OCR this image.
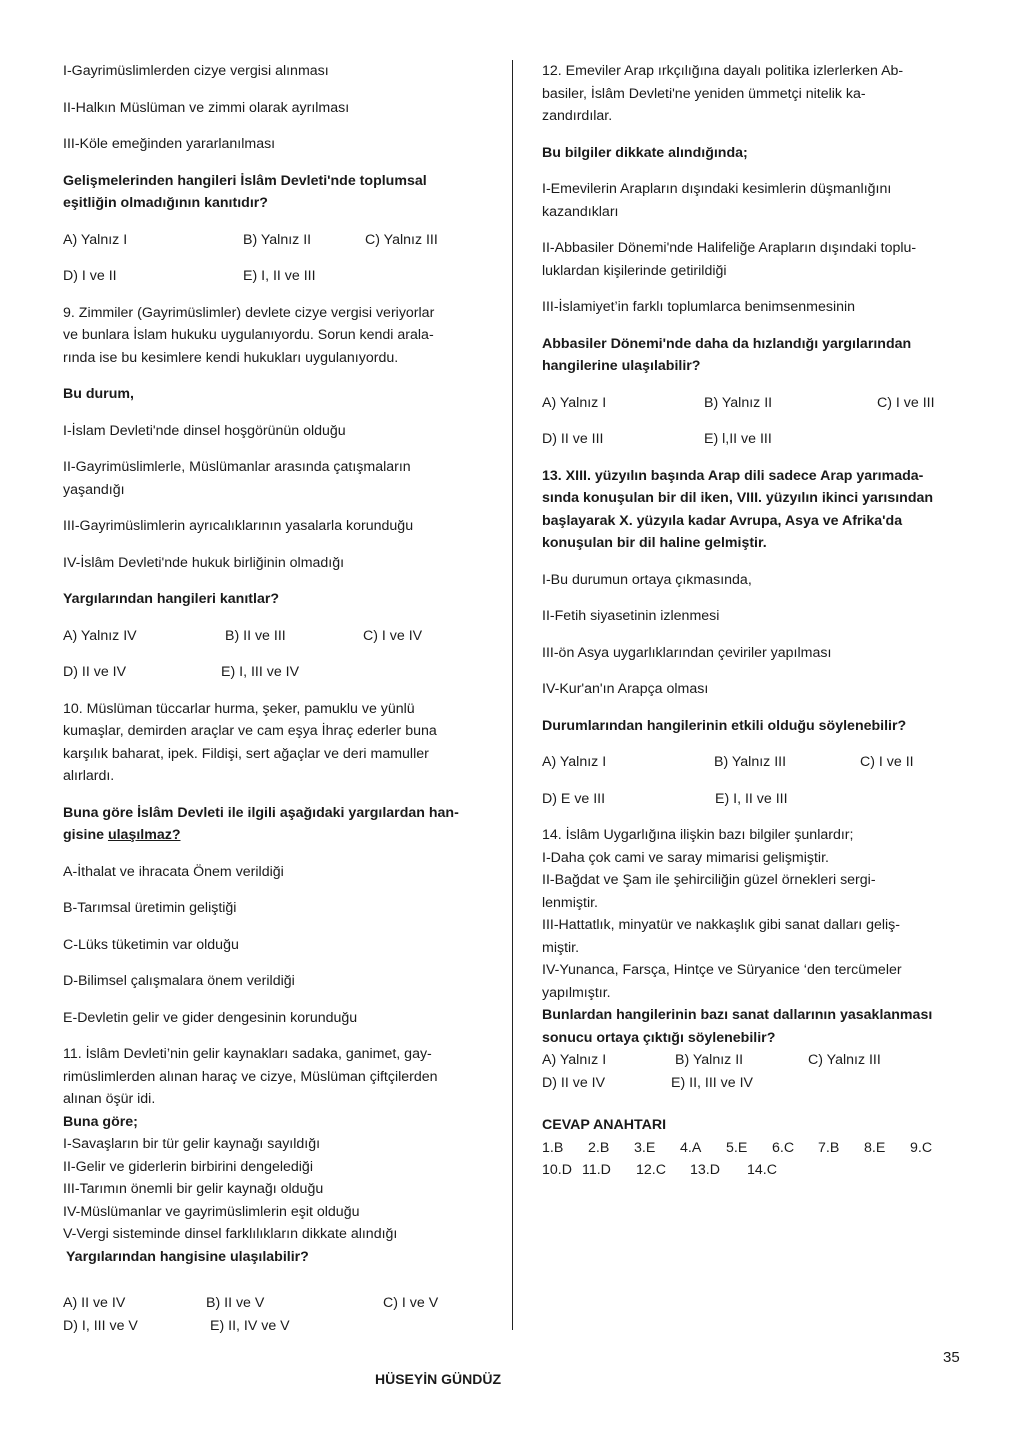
I-Gayrimüslimlerden cizye vergisi alınması

II-Halkın Müslüman ve zimmi olarak ayrılması

III-Köle emeğinden yararlanılması

Gelişmelerinden hangileri İslâm Devleti'nde toplumsal

eşitliğin olmadığının kanıtıdır?

A) Yalnız I	B) Yalnız II	C) Yalnız III
D) I ve II	E) I, II ve III

9. Zimmiler (Gayrimüslimler) devlete cizye vergisi veriyorlar

ve bunlara İslam hukuku uygulanıyordu. Sorun kendi arala-

rında ise bu kesimlere kendi hukukları uygulanıyordu.

Bu durum,

I-İslam Devleti'nde dinsel hoşgörünün olduğu

II-Gayrimüslimlerle, Müslümanlar arasında çatışmaların

yaşandığı

III-Gayrimüslimlerin ayrıcalıklarının yasalarla korunduğu

IV-İslâm Devleti'nde hukuk birliğinin olmadığı

Yargılarından hangileri kanıtlar?

A) Yalnız IV	B) II ve III	C) I ve IV
D) II ve IV	E) I, III ve IV

10. Müslüman tüccarlar hurma, şeker, pamuklu ve yünlü

kumaşlar, demirden araçlar ve cam eşya İhraç ederler buna

karşılık baharat, ipek. Fildişi, sert ağaçlar ve deri mamuller

alırlardı.

Buna göre İslâm Devleti ile ilgili aşağıdaki yargılardan han-

gisine ulaşılmaz?

A-İthalat ve ihracata Önem verildiği

B-Tarımsal üretimin geliştiği

C-Lüks tüketimin var olduğu

D-Bilimsel çalışmalara önem verildiği

E-Devletin gelir ve gider dengesinin korunduğu

11. İslâm Devleti’nin gelir kaynakları sadaka, ganimet, gay-

rimüslimlerden alınan haraç ve cizye, Müslüman çiftçilerden

alınan öşür idi.

Buna göre;

I-Savaşların bir tür gelir kaynağı sayıldığı

II-Gelir ve giderlerin birbirini dengelediği

III-Tarımın önemli bir gelir kaynağı olduğu

IV-Müslümanlar ve gayrimüslimlerin eşit olduğu

V-Vergi sisteminde dinsel farklılıkların dikkate alındığı

Yargılarından hangisine ulaşılabilir?

A) II ve IV	B) II ve V	C) I ve V
D) I, III ve V	E) II, IV ve V

12. Emeviler Arap ırkçılığına dayalı politika izlerlerken Ab-

basiler, İslâm Devleti'ne yeniden ümmetçi nitelik ka-

zandırdılar.

Bu bilgiler dikkate alındığında;

I-Emevilerin Arapların dışındaki kesimlerin düşmanlığını

kazandıkları

II-Abbasiler Dönemi'nde Halifeliğe Arapların dışındaki toplu-

luklardan kişilerinde getirildiği

III-İslamiyet’in farklı toplumlarca benimsenmesinin

Abbasiler Dönemi'nde daha da hızlandığı yargılarından

hangilerine ulaşılabilir?

A) Yalnız I	B) Yalnız II	C) I ve III
D) II ve III	E) l,II ve III

13. XIII. yüzyılın başında Arap dili sadece Arap yarımada-

sında konuşulan bir dil iken, VIII. yüzyılın ikinci yarısından

başlayarak X. yüzyıla kadar Avrupa, Asya ve Afrika'da

konuşulan bir dil haline gelmiştir.

I-Bu durumun ortaya çıkmasında,

II-Fetih siyasetinin izlenmesi

III-ön Asya uygarlıklarından çeviriler yapılması

IV-Kur'an'ın Arapça olması

Durumlarından hangilerinin etkili olduğu söylenebilir?

A) Yalnız I	B) Yalnız III	C) I ve II
D) E ve III	E) I, II ve III

14. İslâm Uygarlığına ilişkin bazı bilgiler şunlardır;

I-Daha çok cami ve saray mimarisi gelişmiştir.

II-Bağdat ve Şam ile şehirciliğin güzel örnekleri sergi-

lenmiştir.

III-Hattatlık, minyatür ve nakkaşlık gibi sanat dalları geliş-

miştir.

IV-Yunanca, Farsça, Hintçe ve Süryanice ‘den tercümeler

yapılmıştır.

Bunlardan hangilerinin bazı sanat dallarının yasaklanması

sonucu ortaya çıktığı söylenebilir?

A) Yalnız I	B) Yalnız II	C) Yalnız III
D) II ve IV	E) II, III ve IV

CEVAP ANAHTARI

1.B	2.B	3.E	4.A	5.E	6.C	7.B	8.E	9.C
10.D 11.D	12.C	13.D	14.C
35
HÜSEYİN GÜNDÜZ
